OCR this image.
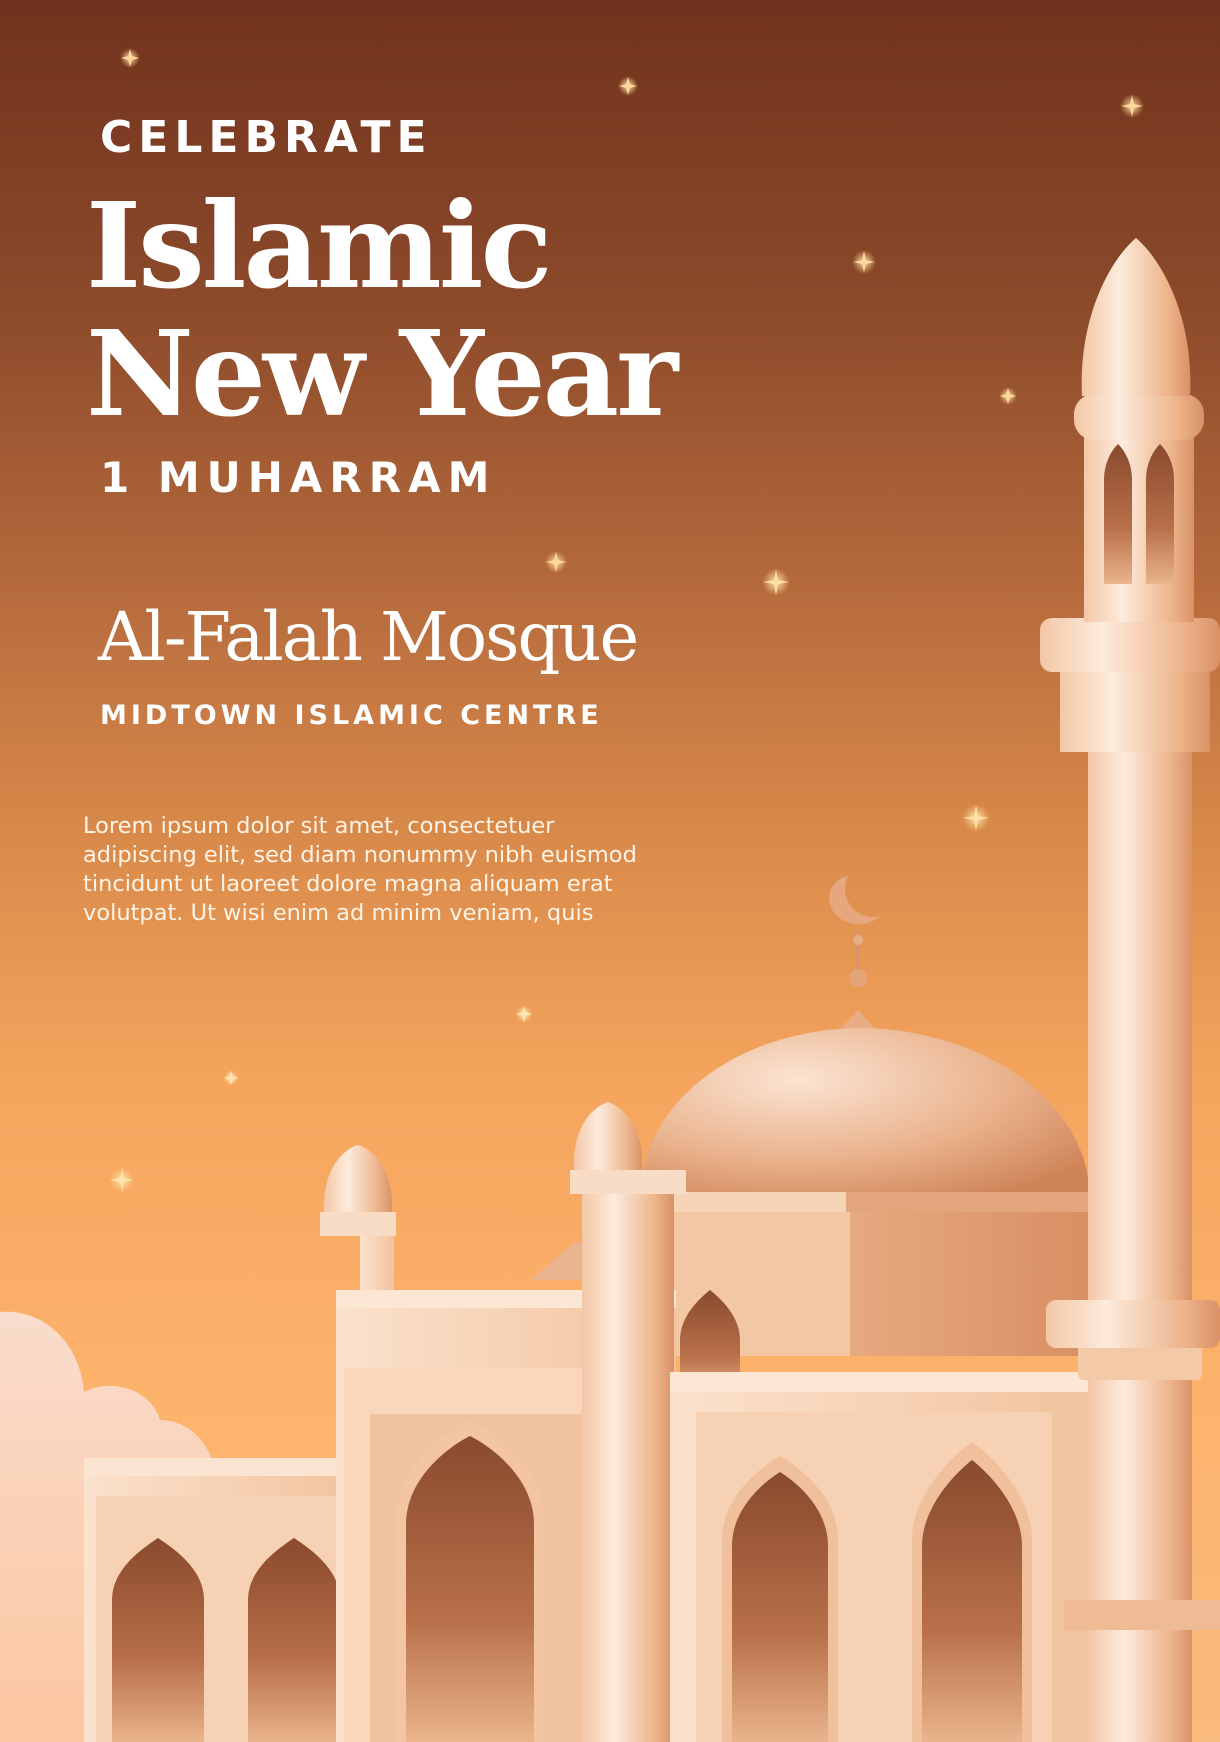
CELEBRATE

Islamic
New Year

1 MUHARRAM

Al-Falah Mosque

MIDTOWN ISLAMIC CENTRE

Lorem ipsum dolor sit amet, consectetuer adipiscing elit, sed diam nonummy nibh euismod tincidunt ut laoreet dolore magna aliquam erat volutpat. Ut wisi enim ad minim veniam, quis
